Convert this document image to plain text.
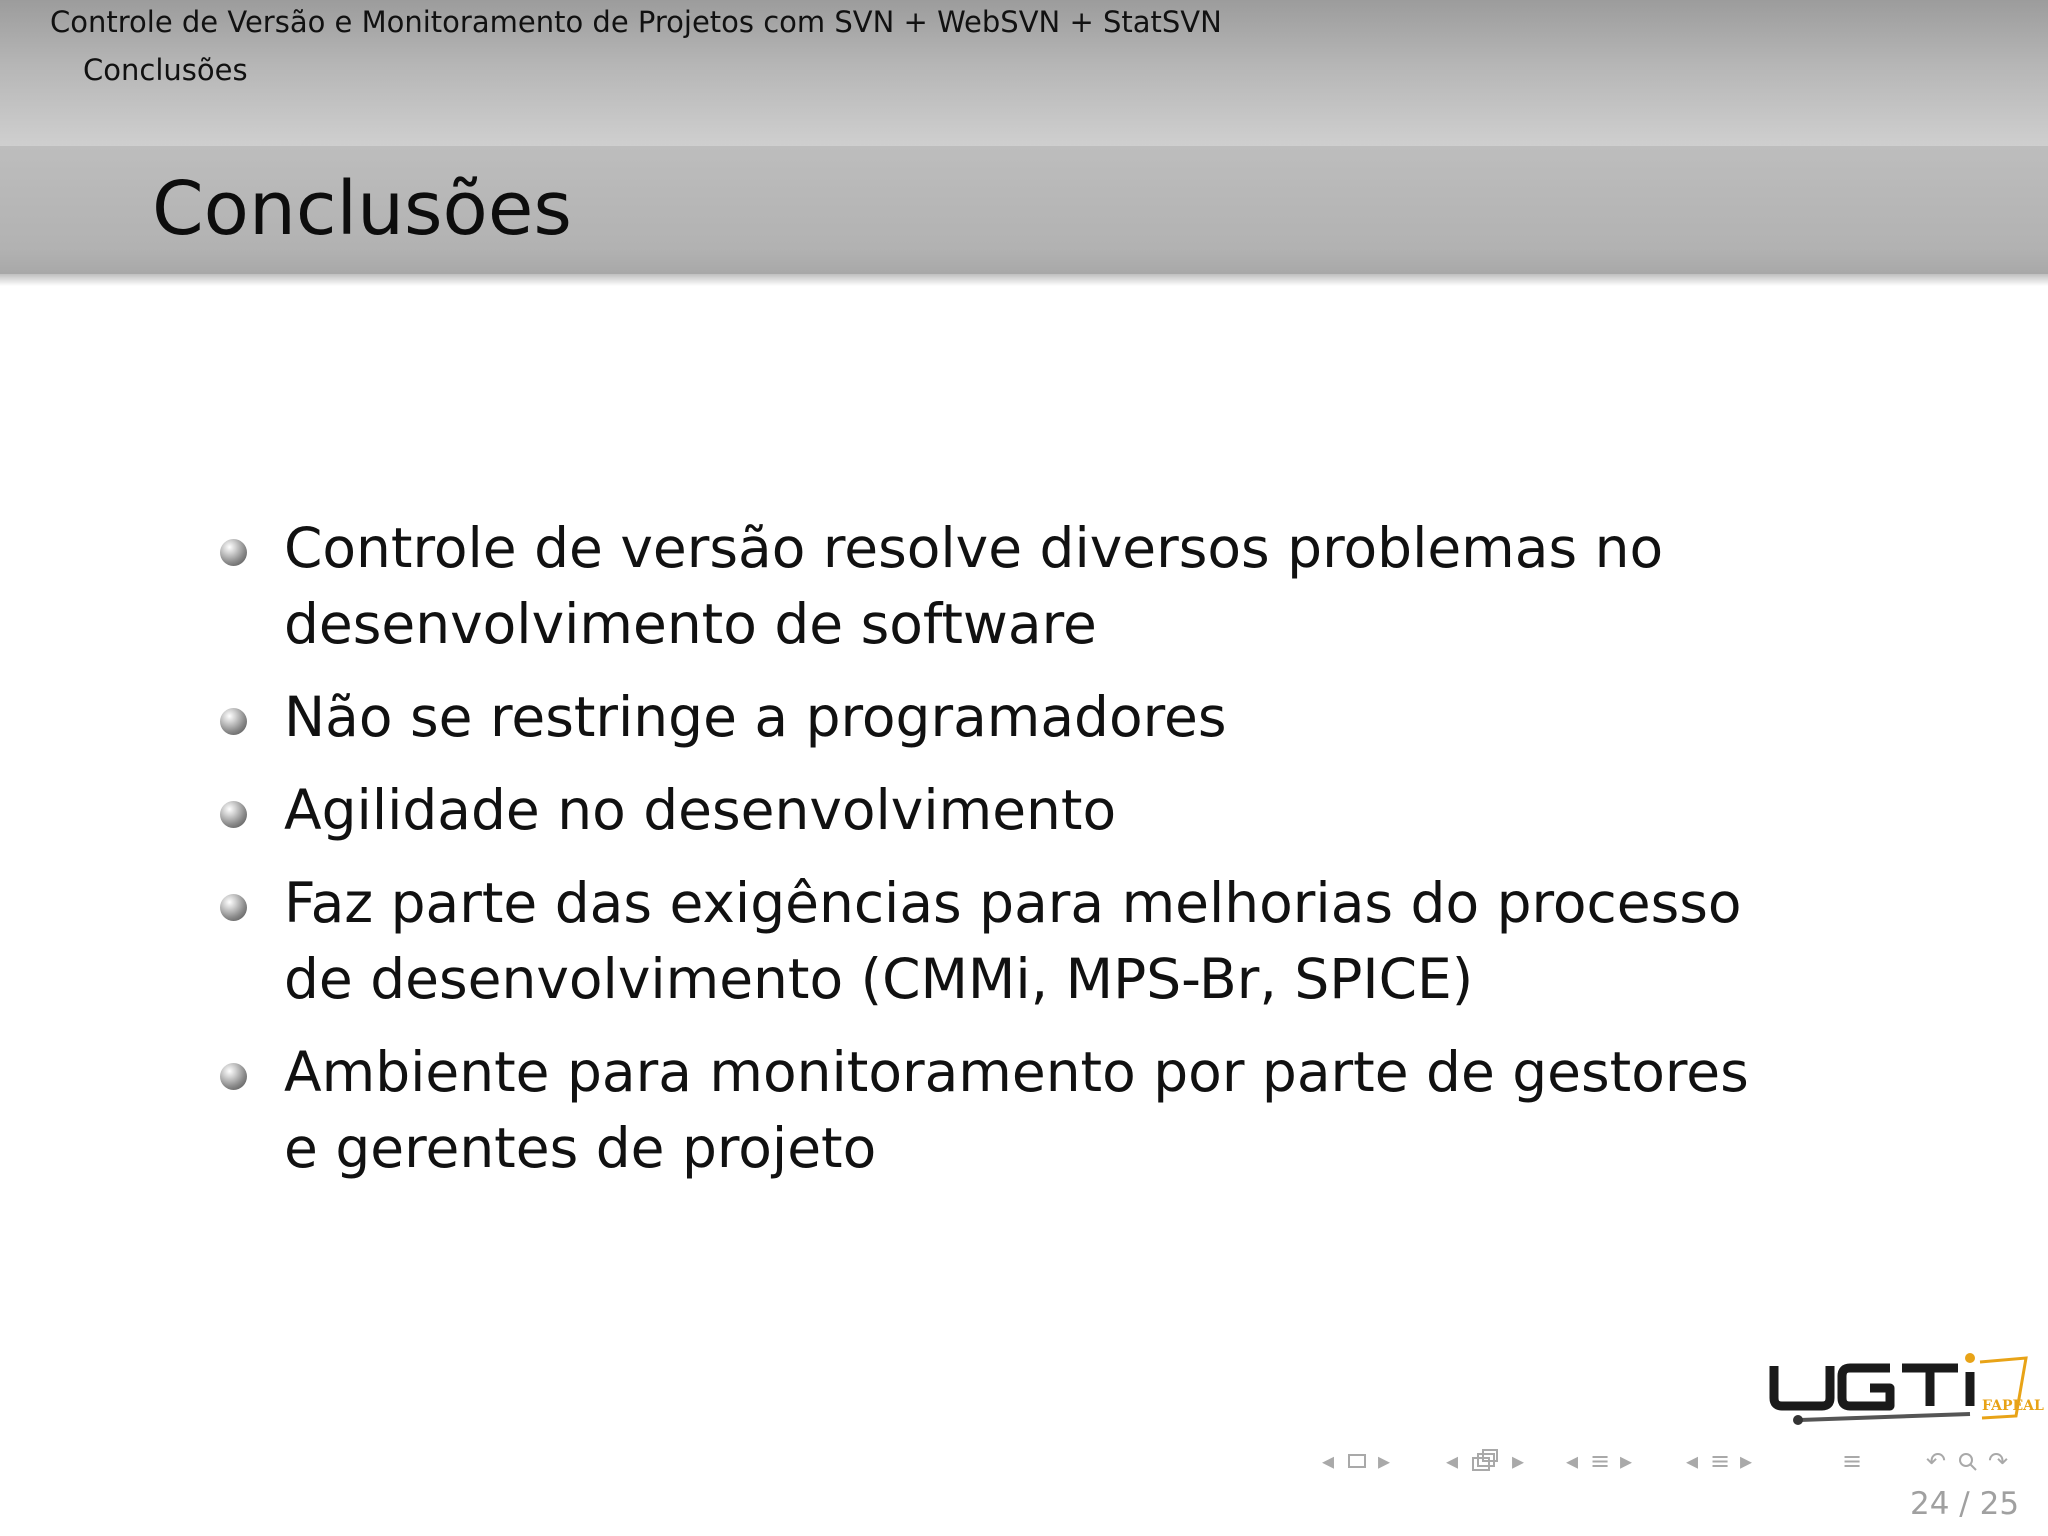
Controle de Versão e Monitoramento de Projetos com SVN + WebSVN + StatSVN
Conclusões
Conclusões
Controle de versão resolve diversos problemas no desenvolvimento de software
Não se restringe a programadores
Agilidade no desenvolvimento
Faz parte das exigências para melhorias do processo de desenvolvimento (CMMi, MPS-Br, SPICE)
Ambiente para monitoramento por parte de gestores e gerentes de projeto
FAPEAL
◂ ▸ ◂ ▸ ◂ ≡ ▸ ◂ ≡ ▸	≡	↶ ↷
24 / 25
